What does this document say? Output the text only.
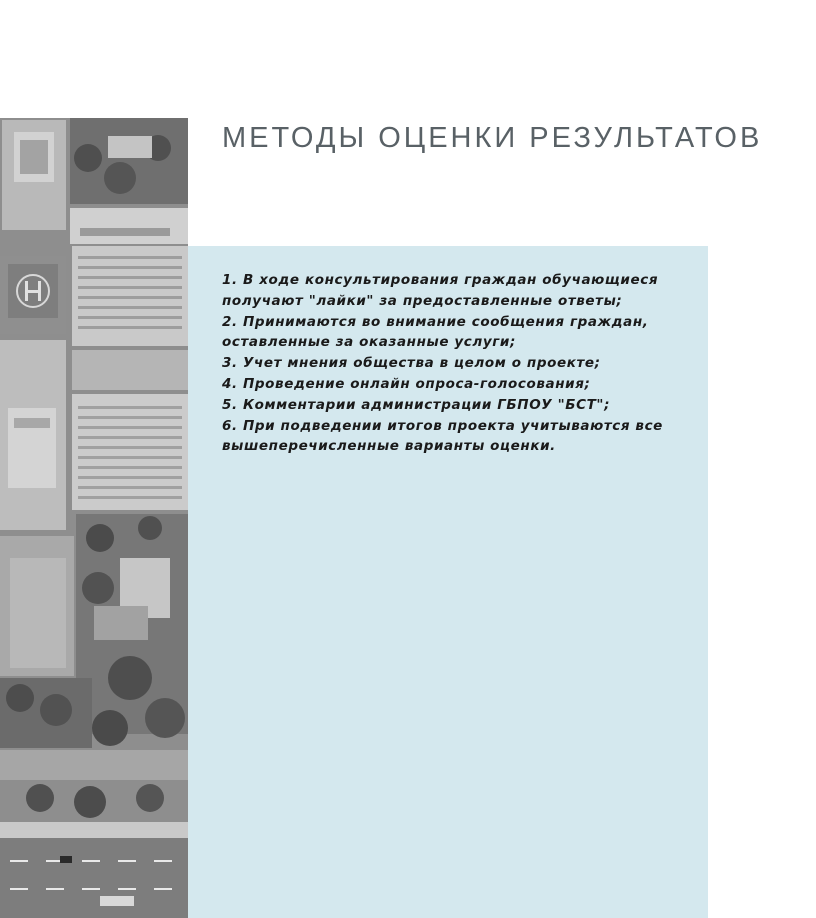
МЕТОДЫ ОЦЕНКИ РЕЗУЛЬТАТОВ
1. В ходе консультирования граждан обучающиеся получают "лайки" за предоставленные ответы;
2. Принимаются во внимание сообщения граждан, оставленные за оказанные услуги;
3. Учет мнения общества в целом о проекте;
4. Проведение онлайн опроса-голосования;
5. Комментарии администрации ГБПОУ "БСТ";
6. При подведении итогов проекта учитываются все вышеперечисленные варианты оценки.
